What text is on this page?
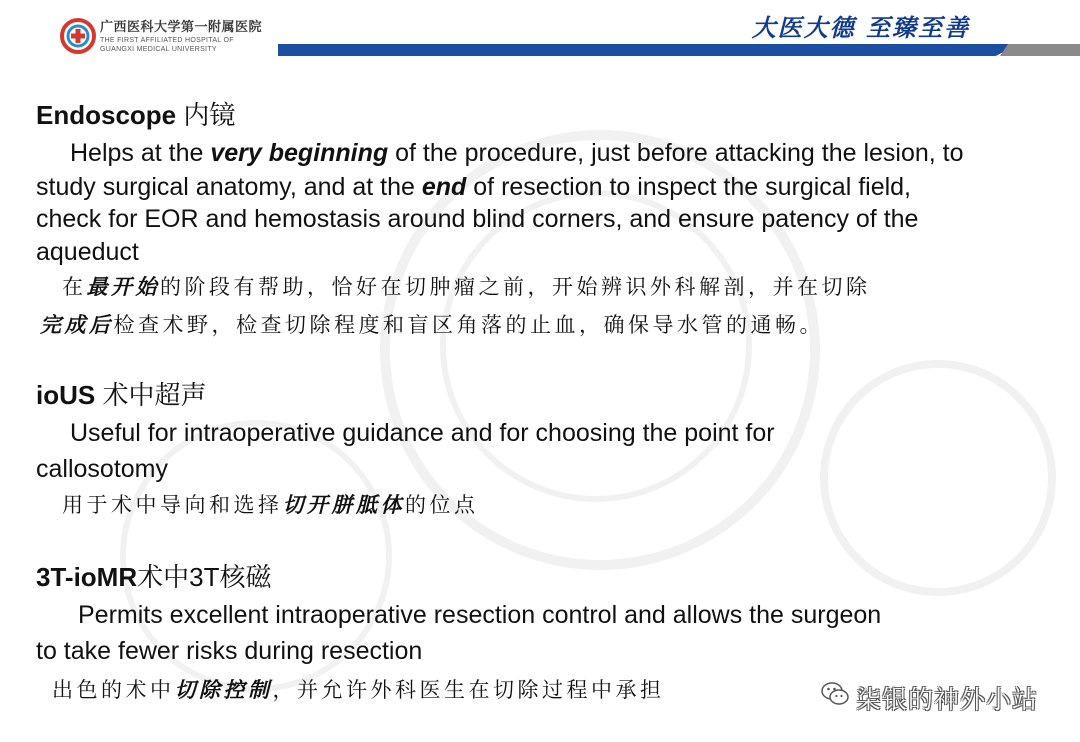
广西医科大学第一附属医院
THE FIRST AFFILIATED HOSPITAL OF
GUANGXI MEDICAL UNIVERSITY
大医大德 至臻至善
Endoscope 内镜
Helps at the very beginning of the procedure, just before attacking the lesion, to
study surgical anatomy, and at the end of resection to inspect the surgical field,
check for EOR and hemostasis around blind corners, and ensure patency of the
aqueduct
在最开始的阶段有帮助，恰好在切肿瘤之前，开始辨识外科解剖，并在切除
完成后检查术野，检查切除程度和盲区角落的止血，确保导水管的通畅。
ioUS 术中超声
Useful for intraoperative guidance and for choosing the point for
callosotomy
用于术中导向和选择切开胼胝体的位点
3T-ioMR术中3T核磁
Permits excellent intraoperative resection control and allows the surgeon
to take fewer risks during resection
出色的术中切除控制，并允许外科医生在切除过程中承担	柒银的神外小站
